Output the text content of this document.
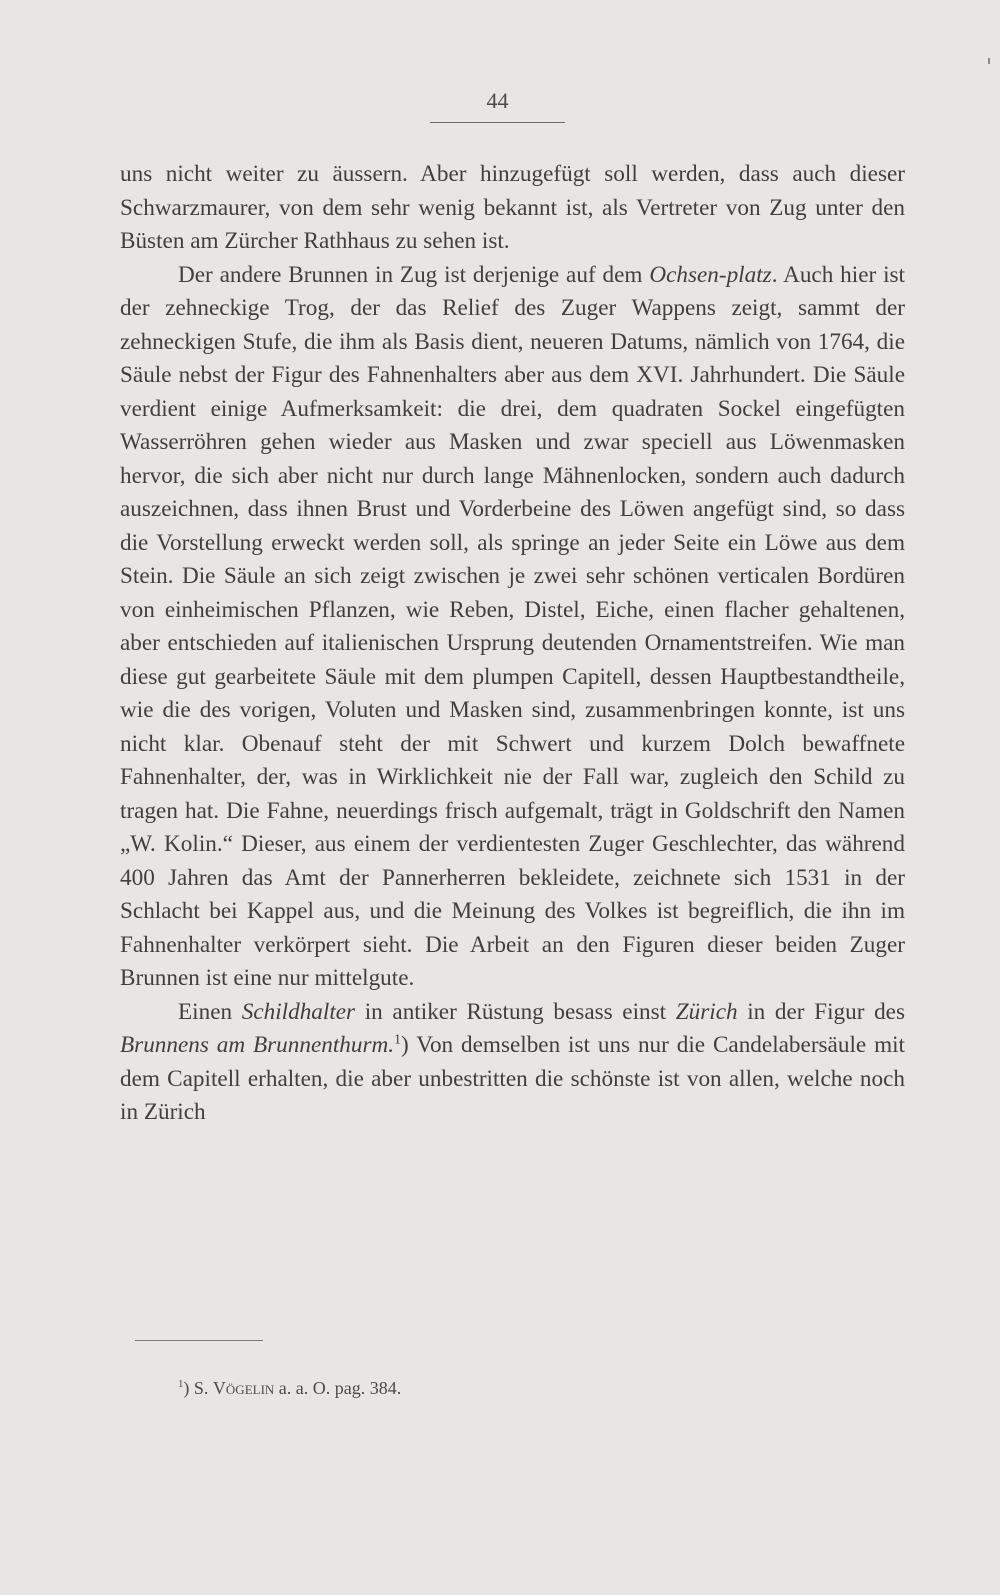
44

uns nicht weiter zu äussern. Aber hinzugefügt soll werden, dass auch dieser Schwarzmaurer, von dem sehr wenig bekannt ist, als Vertreter von Zug unter den Büsten am Zürcher Rathhaus zu sehen ist.

Der andere Brunnen in Zug ist derjenige auf dem Ochsen-platz. Auch hier ist der zehneckige Trog, der das Relief des Zuger Wappens zeigt, sammt der zehneckigen Stufe, die ihm als Basis dient, neueren Datums, nämlich von 1764, die Säule nebst der Figur des Fahnenhalters aber aus dem XVI. Jahrhundert. Die Säule verdient einige Aufmerksamkeit: die drei, dem quadraten Sockel eingefügten Wasserröhren gehen wieder aus Masken und zwar speciell aus Löwenmasken hervor, die sich aber nicht nur durch lange Mähnenlocken, sondern auch dadurch auszeichnen, dass ihnen Brust und Vorderbeine des Löwen angefügt sind, so dass die Vorstellung erweckt werden soll, als springe an jeder Seite ein Löwe aus dem Stein. Die Säule an sich zeigt zwischen je zwei sehr schönen verticalen Bordüren von einheimischen Pflanzen, wie Reben, Distel, Eiche, einen flacher gehaltenen, aber entschieden auf italienischen Ursprung deutenden Ornamentstreifen. Wie man diese gut gearbeitete Säule mit dem plumpen Capitell, dessen Hauptbestandtheile, wie die des vorigen, Voluten und Masken sind, zusammenbringen konnte, ist uns nicht klar. Obenauf steht der mit Schwert und kurzem Dolch bewaffnete Fahnenhalter, der, was in Wirklichkeit nie der Fall war, zugleich den Schild zu tragen hat. Die Fahne, neuerdings frisch aufgemalt, trägt in Goldschrift den Namen „W. Kolin.“ Dieser, aus einem der verdientesten Zuger Geschlechter, das während 400 Jahren das Amt der Pannerherren bekleidete, zeichnete sich 1531 in der Schlacht bei Kappel aus, und die Meinung des Volkes ist begreiflich, die ihn im Fahnenhalter verkörpert sieht. Die Arbeit an den Figuren dieser beiden Zuger Brunnen ist eine nur mittelgute.

Einen Schildhalter in antiker Rüstung besass einst Zürich in der Figur des Brunnens am Brunnenthurm.$^1$) Von demselben ist uns nur die Candelabersäule mit dem Capitell erhalten, die aber unbestritten die schönste ist von allen, welche noch in Zürich

$^1$) S. Vögelin a. a. O. pag. 384.
